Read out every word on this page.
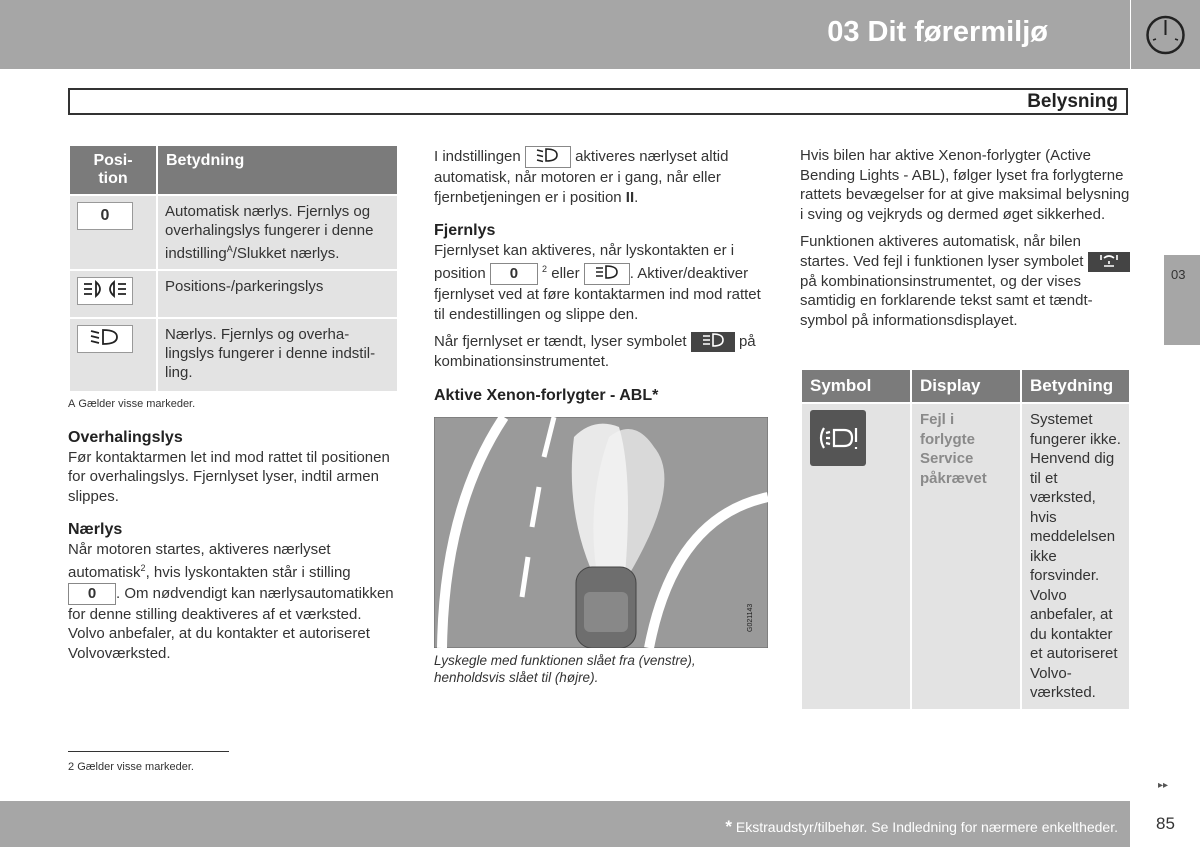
03 Dit førermiljø
Belysning
Posi-
tion	Betydning
0	Automatisk nærlys. Fjernlys og overhalingslys fungerer i denne indstilling$^A$/Slukket nærlys.
	Positions-/parkeringslys
	Nærlys. Fjernlys og overha-lingslys fungerer i denne indstil-ling.
A Gælder visse markeder.
Overhalingslys

Før kontaktarmen let ind mod rattet til positionen for overhalingslys. Fjernlyset lyser, indtil armen slippes.

Nærlys

Når motoren startes, aktiveres nærlyset automatisk$^2$, hvis lyskontakten står i stilling 0 . Om nødvendigt kan nærlysautomatikken for denne stilling deaktiveres af et værksted. Volvo anbefaler, at du kontakter et autoriseret Volvoværksted.

I indstillingen	aktiveres nærlyset altid automatisk, når motoren er i gang, når eller fjernbetjeningen er i position II.

Fjernlys

Fjernlyset kan aktiveres, når lyskontakten er i position 0	$^2$ eller	. Aktiver/deaktiver fjernlyset ved at føre kontaktarmen ind mod rattet til endestillingen og slippe den.

Når fjernlyset er tændt, lyser symbolet	på kombinationsinstrumentet.

Aktive Xenon-forlygter - ABL*
G021143
Lyskegle med funktionen slået fra (venstre), henholdsvis slået til (højre).

Hvis bilen har aktive Xenon-forlygter (Active Bending Lights - ABL), følger lyset fra forlygterne rattets bevægelser for at give maksimal belysning i sving og vejkryds og dermed øget sikkerhed.

Funktionen aktiveres automatisk, når bilen startes. Ved fejl i funktionen lyser symbolet  på kombinationsinstrumentet, og der vises samtidig en forklarende tekst samt et tændt-symbol på informationsdisplayet.

Symbol	Display	Betydning
	Fejl i forlygte Service påkrævet	Systemet fungerer ikke. Henvend dig til et værksted, hvis meddelelsen ikke forsvinder. Volvo anbefaler, at du kontakter et autoriseret Volvo-værksted.
03
2 Gælder visse markeder.
▸▸
* Ekstraudstyr/tilbehør. Se Indledning for nærmere enkeltheder.	85
